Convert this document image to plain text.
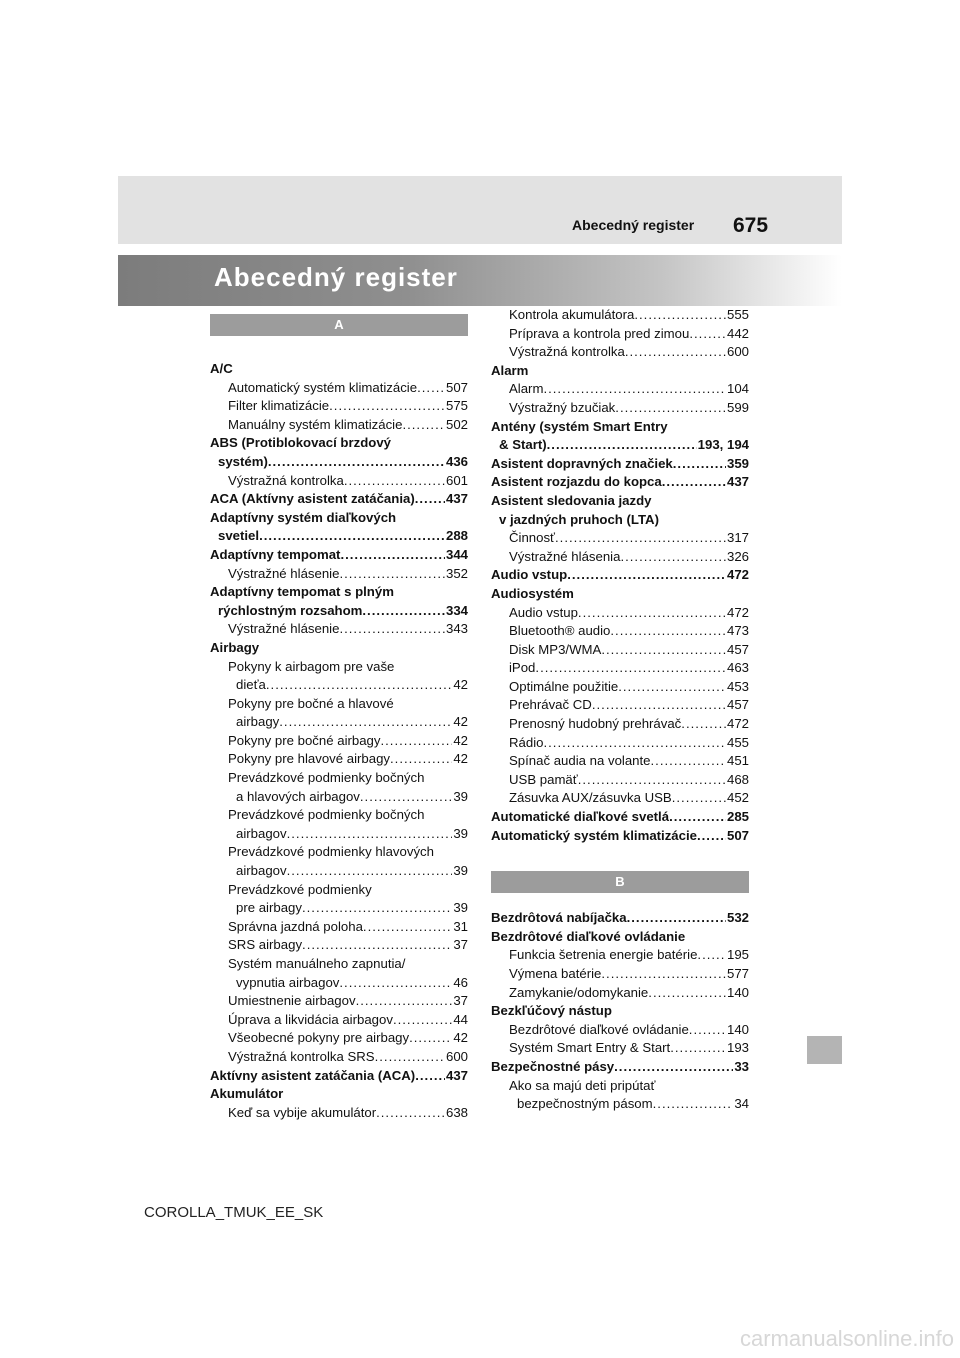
Abecedný register 675
Abecedný register
A
A/C
Automatický systém klimatizácie ..... 507
Filter klimatizácie .....	575
Manuálny systém klimatizácie .....	502
ABS (Protiblokovací brzdový
systém) .....	436
Výstražná kontrolka .....	601
ACA (Aktívny asistent zatáčania) ..... 437
Adaptívny systém diaľkových
svetiel .....	288
Adaptívny tempomat .....	344
Výstražné hlásenie .....	352
Adaptívny tempomat s plným
rýchlostným rozsahom .....	334
Výstražné hlásenie .....	343
Airbagy
Pokyny k airbagom pre vaše
dieťa .....	42
Pokyny pre bočné a hlavové
airbagy .....	42
Pokyny pre bočné airbagy .....	42
Pokyny pre hlavové airbagy .....	42
Prevádzkové podmienky bočných
a hlavových airbagov .....	39
Prevádzkové podmienky bočných
airbagov .....	39
Prevádzkové podmienky hlavových
airbagov .....	39
Prevádzkové podmienky
pre airbagy .....	39
Správna jazdná poloha .....	31
SRS airbagy .....	37
Systém manuálneho zapnutia/
vypnutia airbagov .....	46
Umiestnenie airbagov .....	37
Úprava a likvidácia airbagov .....	44
Všeobecné pokyny pre airbagy .....	42
Výstražná kontrolka SRS .....	600
Aktívny asistent zatáčania (ACA) ..... 437
Akumulátor
Keď sa vybije akumulátor .....	638
Kontrola akumulátora .....	555
Príprava a kontrola pred zimou .....	442
Výstražná kontrolka .....	600
Alarm
Alarm .....	104
Výstražný bzučiak .....	599
Antény (systém Smart Entry
& Start) .....	193, 194
Asistent dopravných značiek .....	359
Asistent rozjazdu do kopca .....	437
Asistent sledovania jazdy
v jazdných pruhoch (LTA)
Činnosť .....	317
Výstražné hlásenia .....	326
Audio vstup .....	472
Audiosystém
Audio vstup .....	472
Bluetooth® audio .....	473
Disk MP3/WMA .....	457
iPod .....	463
Optimálne použitie .....	453
Prehrávač CD .....	457
Prenosný hudobný prehrávač .....	472
Rádio .....	455
Spínač audia na volante .....	451
USB pamäť .....	468
Zásuvka AUX/zásuvka USB .....	452
Automatické diaľkové svetlá .....	285
Automatický systém klimatizácie ..... 507
B
Bezdrôtová nabíjačka .....	532
Bezdrôtové diaľkové ovládanie
Funkcia šetrenia energie batérie ..... 195
Výmena batérie .....	577
Zamykanie/odomykanie .....	140
Bezkľúčový nástup
Bezdrôtové diaľkové ovládanie .....	140
Systém Smart Entry & Start .....	193
Bezpečnostné pásy .....	33
Ako sa majú deti pripútať
bezpečnostným pásom .....	34
COROLLA_TMUK_EE_SK
carmanualsonline.info
